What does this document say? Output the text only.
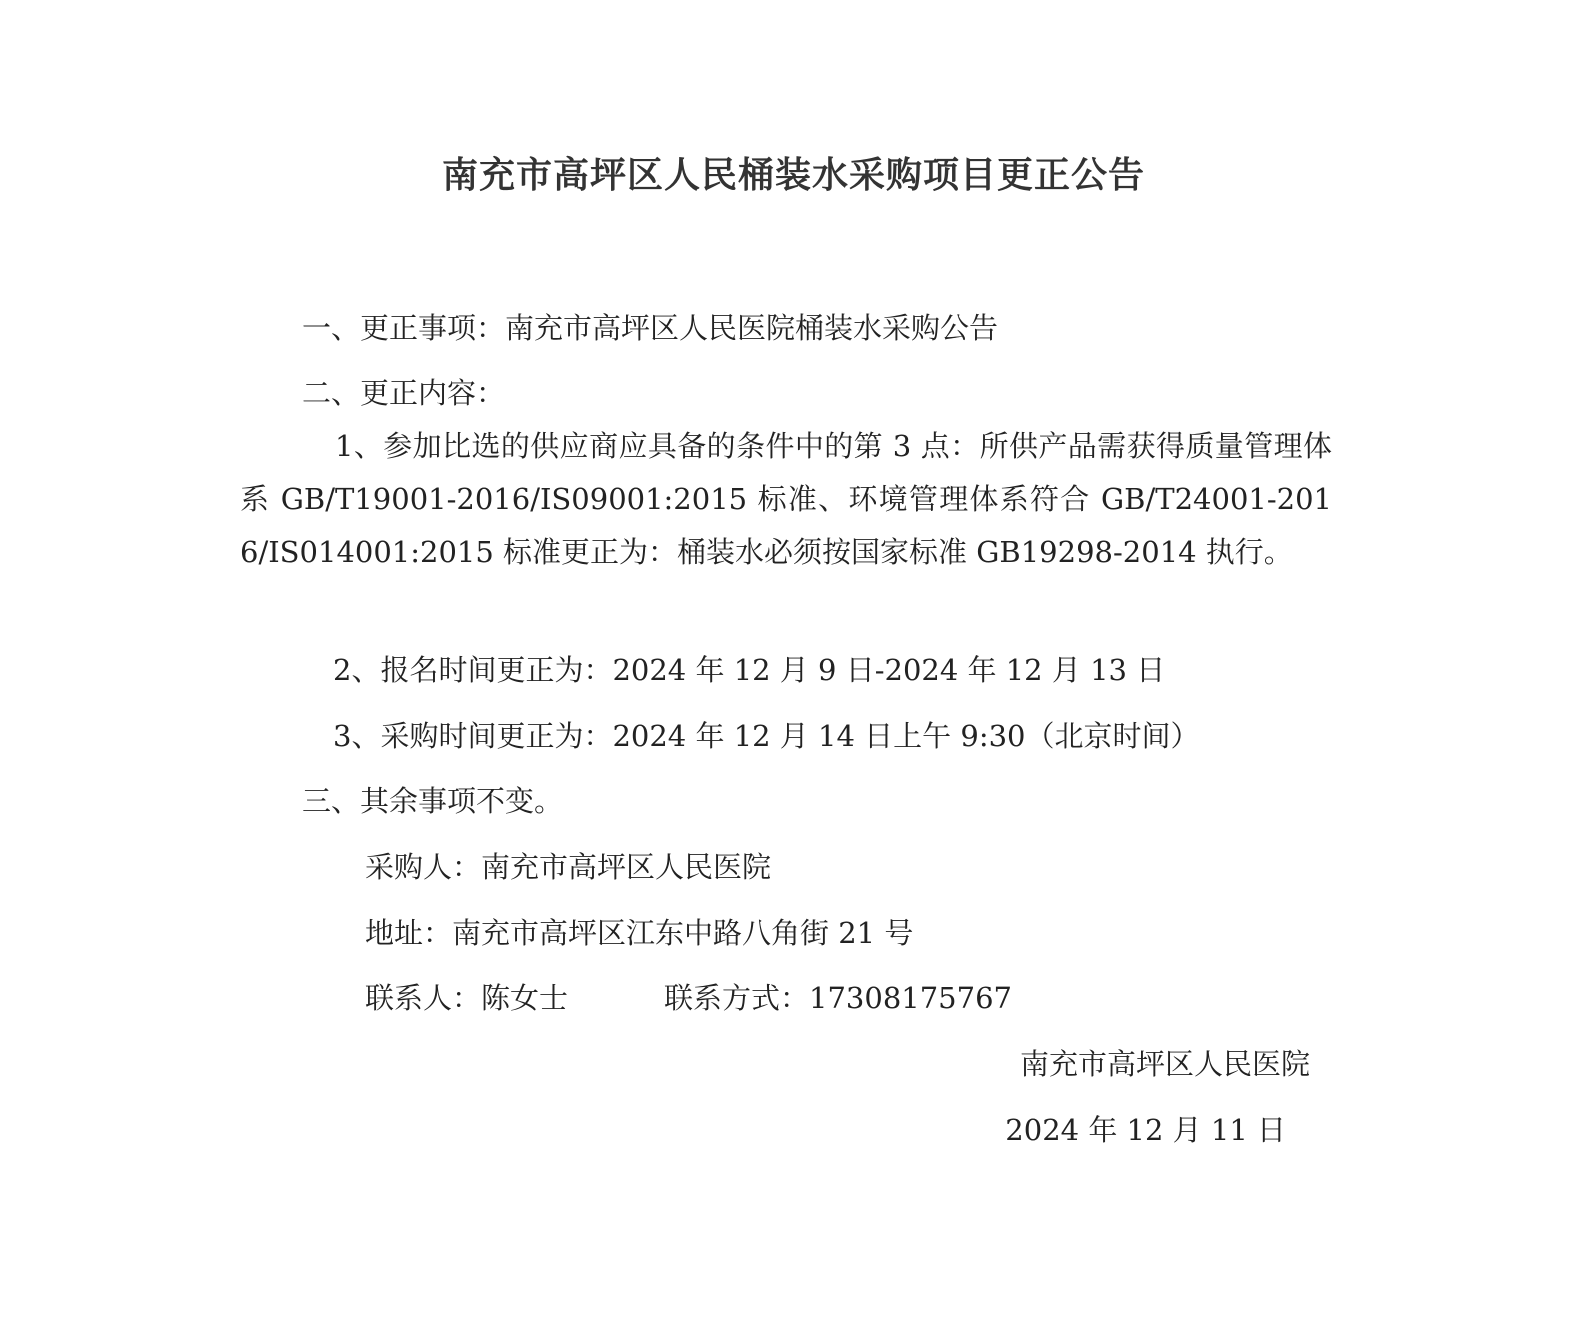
南充市高坪区人民桶装水采购项目更正公告
一、更正事项：南充市高坪区人民医院桶装水采购公告
二、更正内容：
1、参加比选的供应商应具备的条件中的第 3 点：所供产品需获得质量管理体系 GB/T19001-2016/IS09001:2015 标准、环境管理体系符合 GB/T24001-2016/IS014001:2015 标准更正为：桶装水必须按国家标准 GB19298-2014 执行。
2、报名时间更正为：2024 年 12 月 9 日-2024 年 12 月 13 日
3、采购时间更正为：2024 年 12 月 14 日上午 9:30（北京时间）
三、其余事项不变。
采购人：南充市高坪区人民医院
地址：南充市高坪区江东中路八角街 21 号
联系人：陈女士	联系方式：17308175767
南充市高坪区人民医院
2024 年 12 月 11 日
